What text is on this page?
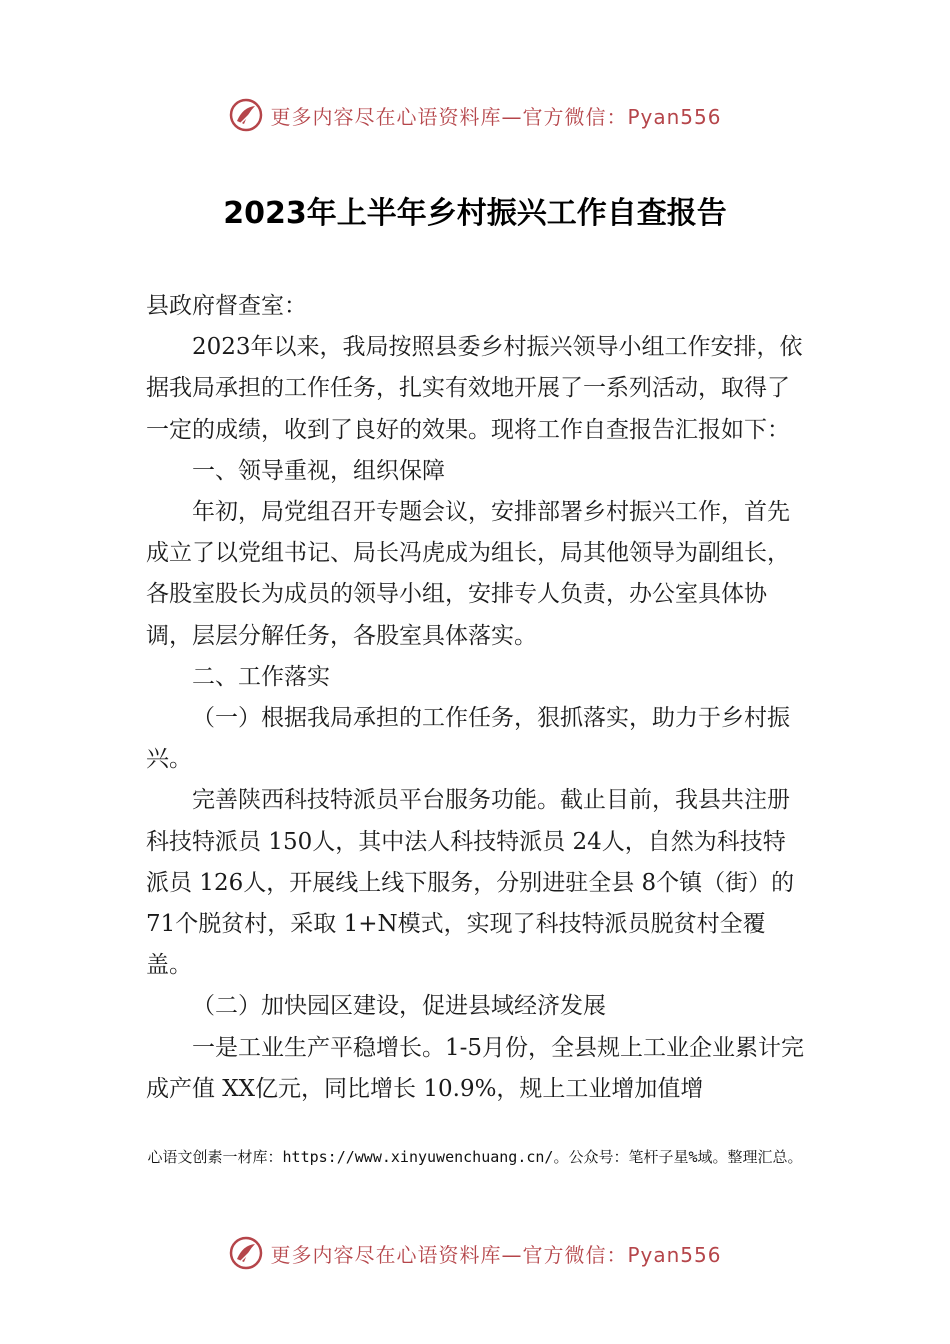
更多内容尽在心语资料库—官方微信：Pyan556
2023年上半年乡村振兴工作自查报告

县政府督查室：

2023年以来，我局按照县委乡村振兴领导小组工作安排，依据我局承担的工作任务，扎实有效地开展了一系列活动，取得了一定的成绩，收到了良好的效果。现将工作自查报告汇报如下：

一、领导重视，组织保障

年初，局党组召开专题会议，安排部署乡村振兴工作，首先成立了以党组书记、局长冯虎成为组长，局其他领导为副组长，各股室股长为成员的领导小组，安排专人负责，办公室具体协调，层层分解任务，各股室具体落实。

二、工作落实

（一）根据我局承担的工作任务，狠抓落实，助力于乡村振兴。

完善陕西科技特派员平台服务功能。截止目前，我县共注册科技特派员 150人，其中法人科技特派员 24人，自然为科技特派员 126人，开展线上线下服务，分别进驻全县 8个镇（街）的 71个脱贫村，采取 1+N模式，实现了科技特派员脱贫村全覆盖。

（二）加快园区建设，促进县域经济发展

一是工业生产平稳增长。1-5月份，全县规上工业企业累计完成产值 XX亿元，同比增长 10.9%，规上工业增加值增

心语文创素一材库：https://www.xinyuwenchuang.cn/。公众号：笔杆子星%域。整理汇总。
更多内容尽在心语资料库—官方微信：Pyan556
